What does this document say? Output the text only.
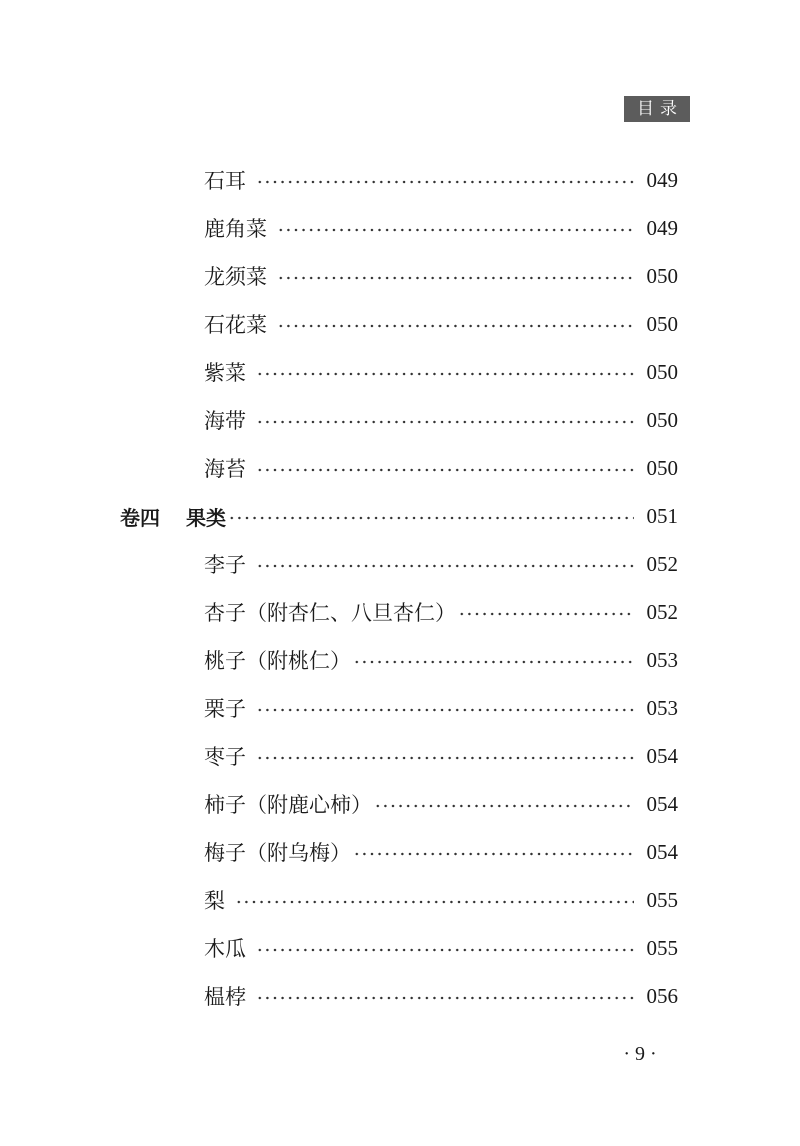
目录
石耳	049
鹿角菜	049
龙须菜	050
石花菜	050
紫菜	050
海带	050
海苔	050
卷四 果类	051
李子	052
杏子（附杏仁、八旦杏仁）	052
桃子（附桃仁）	053
栗子	053
枣子	054
柿子（附鹿心柿）	054
梅子（附乌梅）	054
梨	055
木瓜	055
榅桲	056
· 9 ·
